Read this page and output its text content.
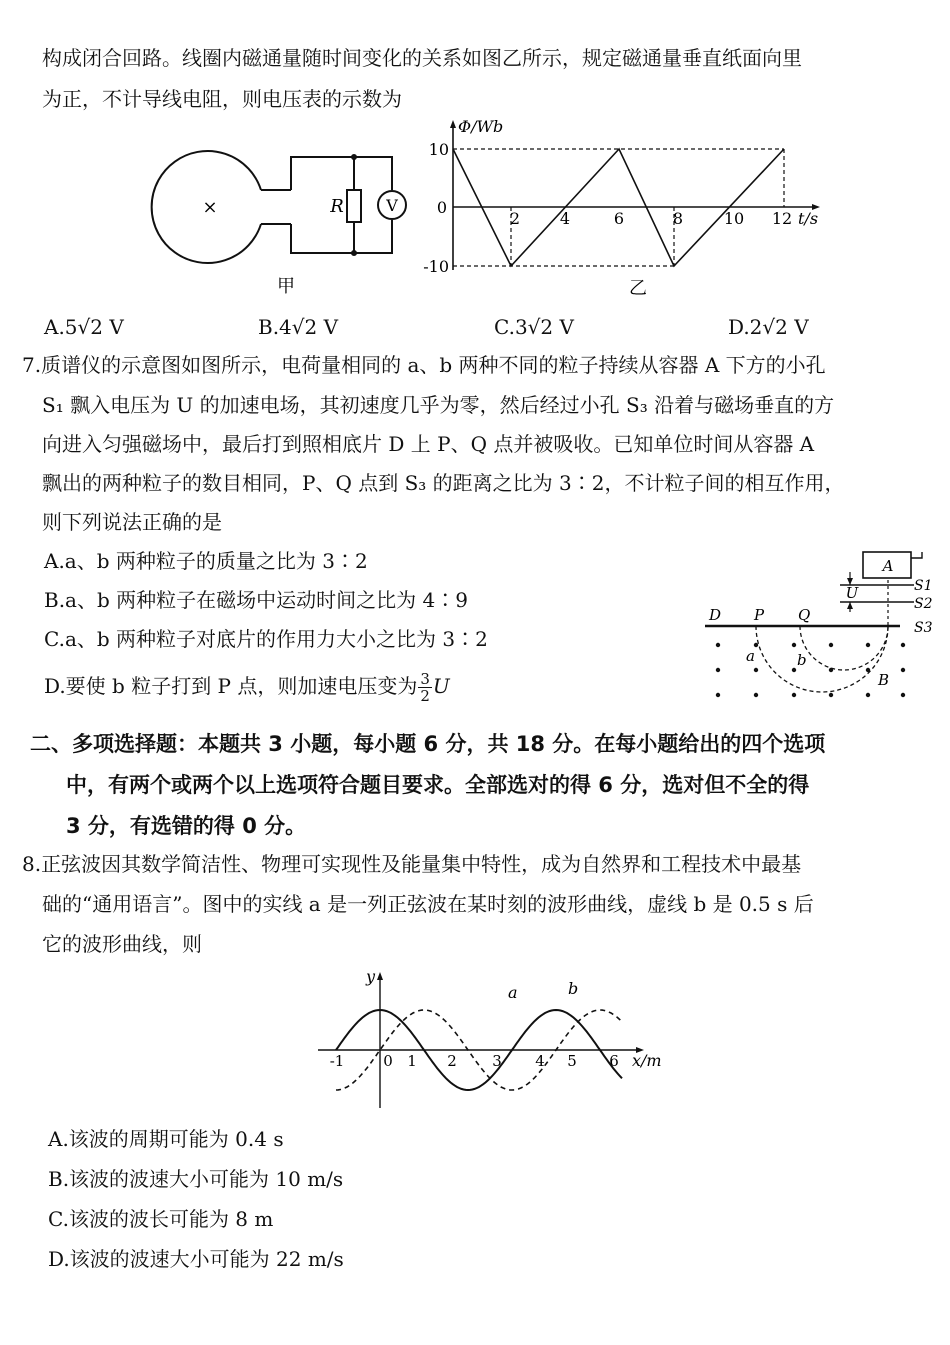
构成闭合回路。线圈内磁通量随时间变化的关系如图乙所示，规定磁通量垂直纸面向里
为正，不计导线电阻，则电压表的示数为
×	R	V
甲
Φ/Wb
0
10
-10
2 4	6	8	10 12 t/s
乙
A.5√2 V	B.4√2 V	C.3√2 V	D.2√2 V
7.质谱仪的示意图如图所示，电荷量相同的 a、b 两种不同的粒子持续从容器 A 下方的小孔
S₁ 飘入电压为 U 的加速电场，其初速度几乎为零，然后经过小孔 S₃ 沿着与磁场垂直的方
向进入匀强磁场中，最后打到照相底片 D 上 P、Q 点并被吸收。已知单位时间从容器 A
飘出的两种粒子的数目相同，P、Q 点到 S₃ 的距离之比为 3∶2，不计粒子间的相互作用，
则下列说法正确的是
A.a、b 两种粒子的质量之比为 3∶2
B.a、b 两种粒子在磁场中运动时间之比为 4∶9
C.a、b 两种粒子对底片的作用力大小之比为 3∶2
D.要使 b 粒子打到 P 点，则加速电压变为 $\frac{3}{2}$ U
A
U	S1
S2
S3
D P Q
a	b
B
二、多项选择题：本题共 3 小题，每小题 6 分，共 18 分。在每小题给出的四个选项
中，有两个或两个以上选项符合题目要求。全部选对的得 6 分，选对但不全的得
3 分，有选错的得 0 分。
8.正弦波因其数学简洁性、物理可实现性及能量集中特性，成为自然界和工程技术中最基
础的“通用语言”。图中的实线 a 是一列正弦波在某时刻的波形曲线，虚线 b 是 0.5 s 后
它的波形曲线，则
y
x/m
-1	0 1 2 3 4 5 6
a	b
A.该波的周期可能为 0.4 s
B.该波的波速大小可能为 10 m/s
C.该波的波长可能为 8 m
D.该波的波速大小可能为 22 m/s
